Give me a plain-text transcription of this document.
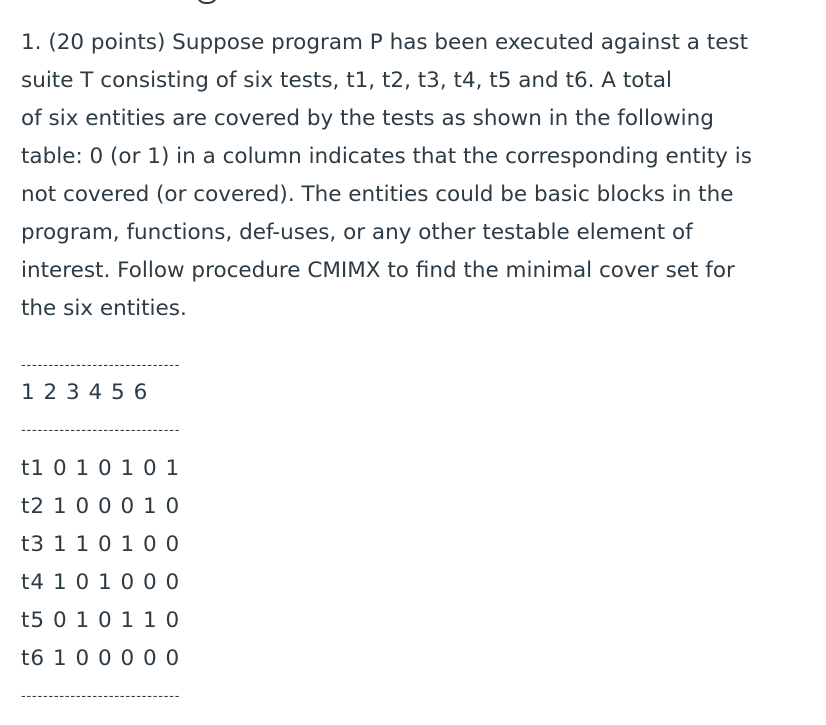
1. (20 points) Suppose program P has been executed against a test
suite T consisting of six tests, t1, t2, t3, t4, t5 and t6. A total
of six entities are covered by the tests as shown in the following
table: 0 (or 1) in a column indicates that the corresponding entity is
not covered (or covered). The entities could be basic blocks in the
program, functions, def-uses, or any other testable element of
interest. Follow procedure CMIMX to find the minimal cover set for
the six entities.

-----------------------------
1 2 3 4 5 6
-----------------------------
t1 0 1 0 1 0 1
t2 1 0 0 0 1 0
t3 1 1 0 1 0 0
t4 1 0 1 0 0 0
t5 0 1 0 1 1 0
t6 1 0 0 0 0 0
-----------------------------
